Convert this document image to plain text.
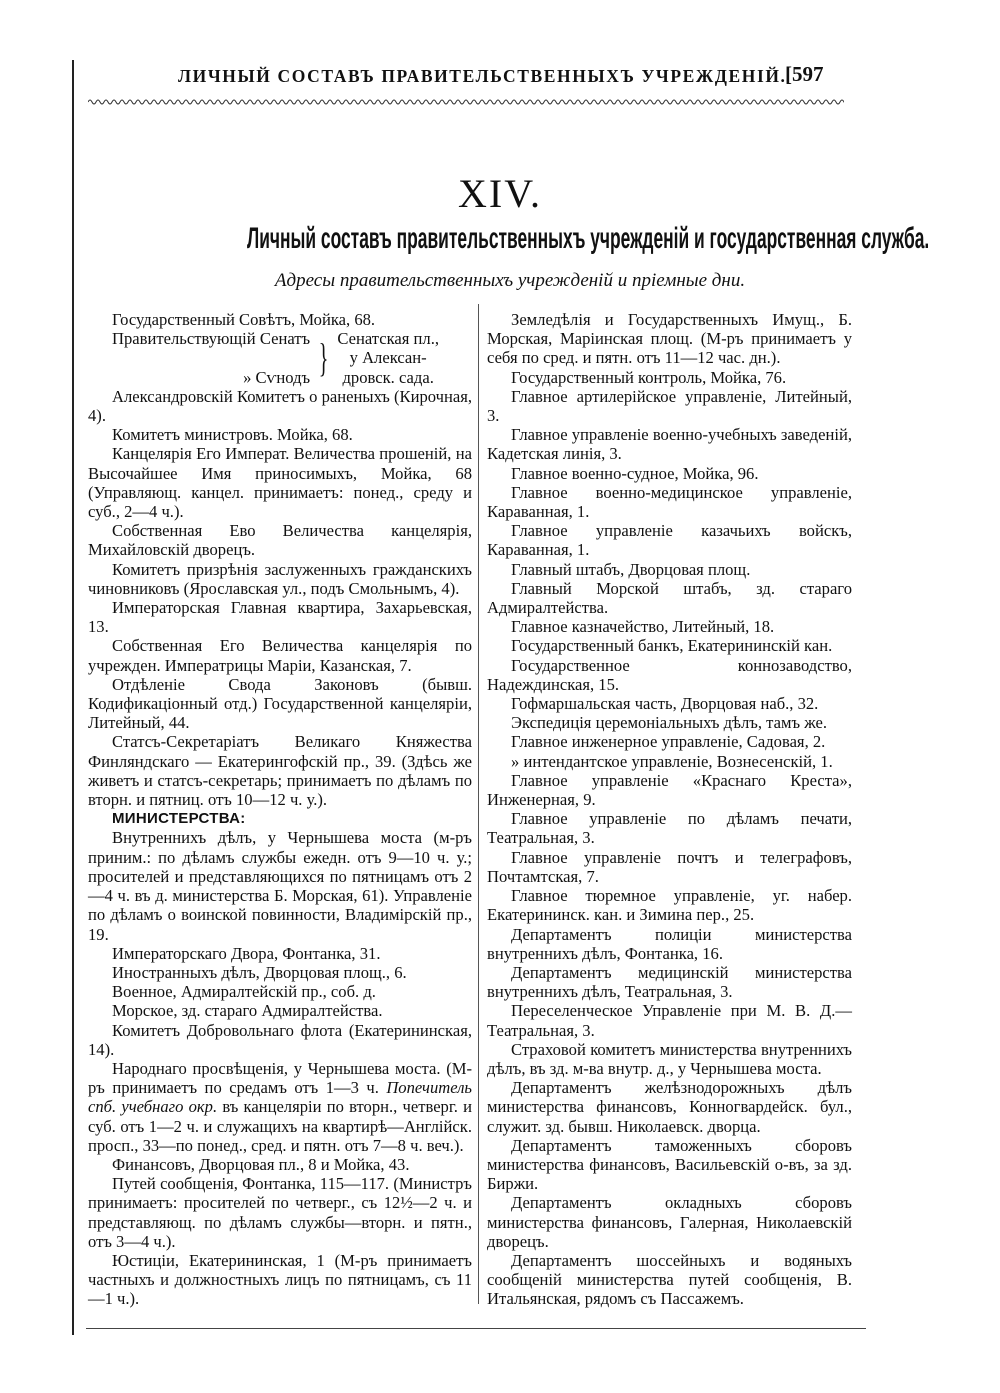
ЛИЧНЫЙ СОСТАВЪ ПРАВИТЕЛЬСТВЕННЫХЪ УЧРЕЖДЕНІЙ.
[597
XIV.
Личный составъ правительственныхъ учрежденій и государственная служба.
Адресы правительственныхъ учрежденій и пріемные дни.

Государственный Совѣтъ, Мойка, 68.

Правительствующій Сенатъ
» Сѵнодъ } Сенатская пл.,
у Алексан-
дровск. сада.

Александровскій Комитетъ о раненыхъ (Кирочная, 4).

Комитетъ министровъ. Мойка, 68.

Канцелярія Его Императ. Величества прошеній, на Высочайшее Имя приносимыхъ, Мойка, 68 (Управляющ. канцел. принимаетъ: понед., среду и суб., 2—4 ч.).

Собственная Ево Величества канцелярія, Михайловскій дворецъ.

Комитетъ призрѣнія заслуженныхъ гражданскихъ чиновниковъ (Ярославская ул., подъ Смольнымъ, 4).

Императорская Главная квартира, Захарьевская, 13.

Собственная Его Величества канцелярія по учрежден. Императрицы Маріи, Казанская, 7.

Отдѣленіе Свода Законовъ (бывш. Кодификаціонный отд.) Государственной канцеляріи, Литейный, 44.

Статсъ-Секретаріатъ Великаго Княжества Финляндскаго — Екатерингофскій пр., 39. (Здѣсь же живетъ и статсъ-секретарь; принимаетъ по дѣламъ по вторн. и пятниц. отъ 10—12 ч. у.).

МИНИСТЕРСТВА:

Внутреннихъ дѣлъ, у Чернышева моста (м-ръ приним.: по дѣламъ службы ежедн. отъ 9—10 ч. у.; просителей и представляющихся по пятницамъ отъ 2—4 ч. въ д. министерства Б. Морская, 61). Управленіе по дѣламъ о воинской повинности, Владимірскій пр., 19.

Императорскаго Двора, Фонтанка, 31.

Иностранныхъ дѣлъ, Дворцовая площ., 6.

Военное, Адмиралтейскій пр., соб. д.

Морское, зд. стараго Адмиралтейства.

Комитетъ Добровольнаго флота (Екатерининская, 14).

Народнаго просвѣщенія, у Чернышева моста. (М-ръ принимаетъ по средамъ отъ 1—3 ч. Попечитель спб. учебнаго окр. въ канцеляріи по вторн., четверг. и суб. отъ 1—2 ч. и служащихъ на квартирѣ—Англійск. просп., 33—по понед., сред. и пятн. отъ 7—8 ч. веч.).

Финансовъ, Дворцовая пл., 8 и Мойка, 43.

Путей сообщенія, Фонтанка, 115—117. (Министръ принимаетъ: просителей по четверг., съ 12½—2 ч. и представляющ. по дѣламъ службы—вторн. и пятн., отъ 3—4 ч.).

Юстиціи, Екатерининская, 1 (М-ръ принимаетъ частныхъ и должностныхъ лицъ по пятницамъ, съ 11—1 ч.).

Земледѣлія и Государственныхъ Имущ., Б. Морская, Маріинская площ. (М-ръ принимаетъ у себя по сред. и пятн. отъ 11—12 час. дн.).

Государственный контроль, Мойка, 76.

Главное артилерійское управленіе, Литейный, 3.

Главное управленіе военно-учебныхъ заведеній, Кадетская линія, 3.

Главное военно-судное, Мойка, 96.

Главное военно-медицинское управленіе, Караванная, 1.

Главное управленіе казачьихъ войскъ, Караванная, 1.

Главный штабъ, Дворцовая площ.

Главный Морской штабъ, зд. стараго Адмиралтейства.

Главное казначейство, Литейный, 18.

Государственный банкъ, Екатерининскій кан.

Государственное коннозаводство, Надеждинская, 15.

Гофмаршальская часть, Дворцовая наб., 32.

Экспедиція церемоніальныхъ дѣлъ, тамъ же.

Главное инженерное управленіе, Садовая, 2.

» интендантское управленіе, Вознесенскій, 1.

Главное управленіе «Краснаго Креста», Инженерная, 9.

Главное управленіе по дѣламъ печати, Театральная, 3.

Главное управленіе почтъ и телеграфовъ, Почтамтская, 7.

Главное тюремное управленіе, уг. набер. Екатерининск. кан. и Зимина пер., 25.

Департаментъ полиціи министерства внутреннихъ дѣлъ, Фонтанка, 16.

Департаментъ медицинскій министерства внутреннихъ дѣлъ, Театральная, 3.

Переселенческое Управленіе при М. В. Д.— Театральная, 3.

Страховой комитетъ министерства внутреннихъ дѣлъ, въ зд. м-ва внутр. д., у Чернышева моста.

Департаментъ желѣзнодорожныхъ дѣлъ министерства финансовъ, Конногвардейск. бул., служит. зд. бывш. Николаевск. дворца.

Департаментъ таможенныхъ сборовъ министерства финансовъ, Васильевскій о-въ, за зд. Биржи.

Департаментъ окладныхъ сборовъ министерства финансовъ, Галерная, Николаевскій дворецъ.

Департаментъ шоссейныхъ и водяныхъ сообщеній министерства путей сообщенія, В. Итальянская, рядомъ съ Пассажемъ.
